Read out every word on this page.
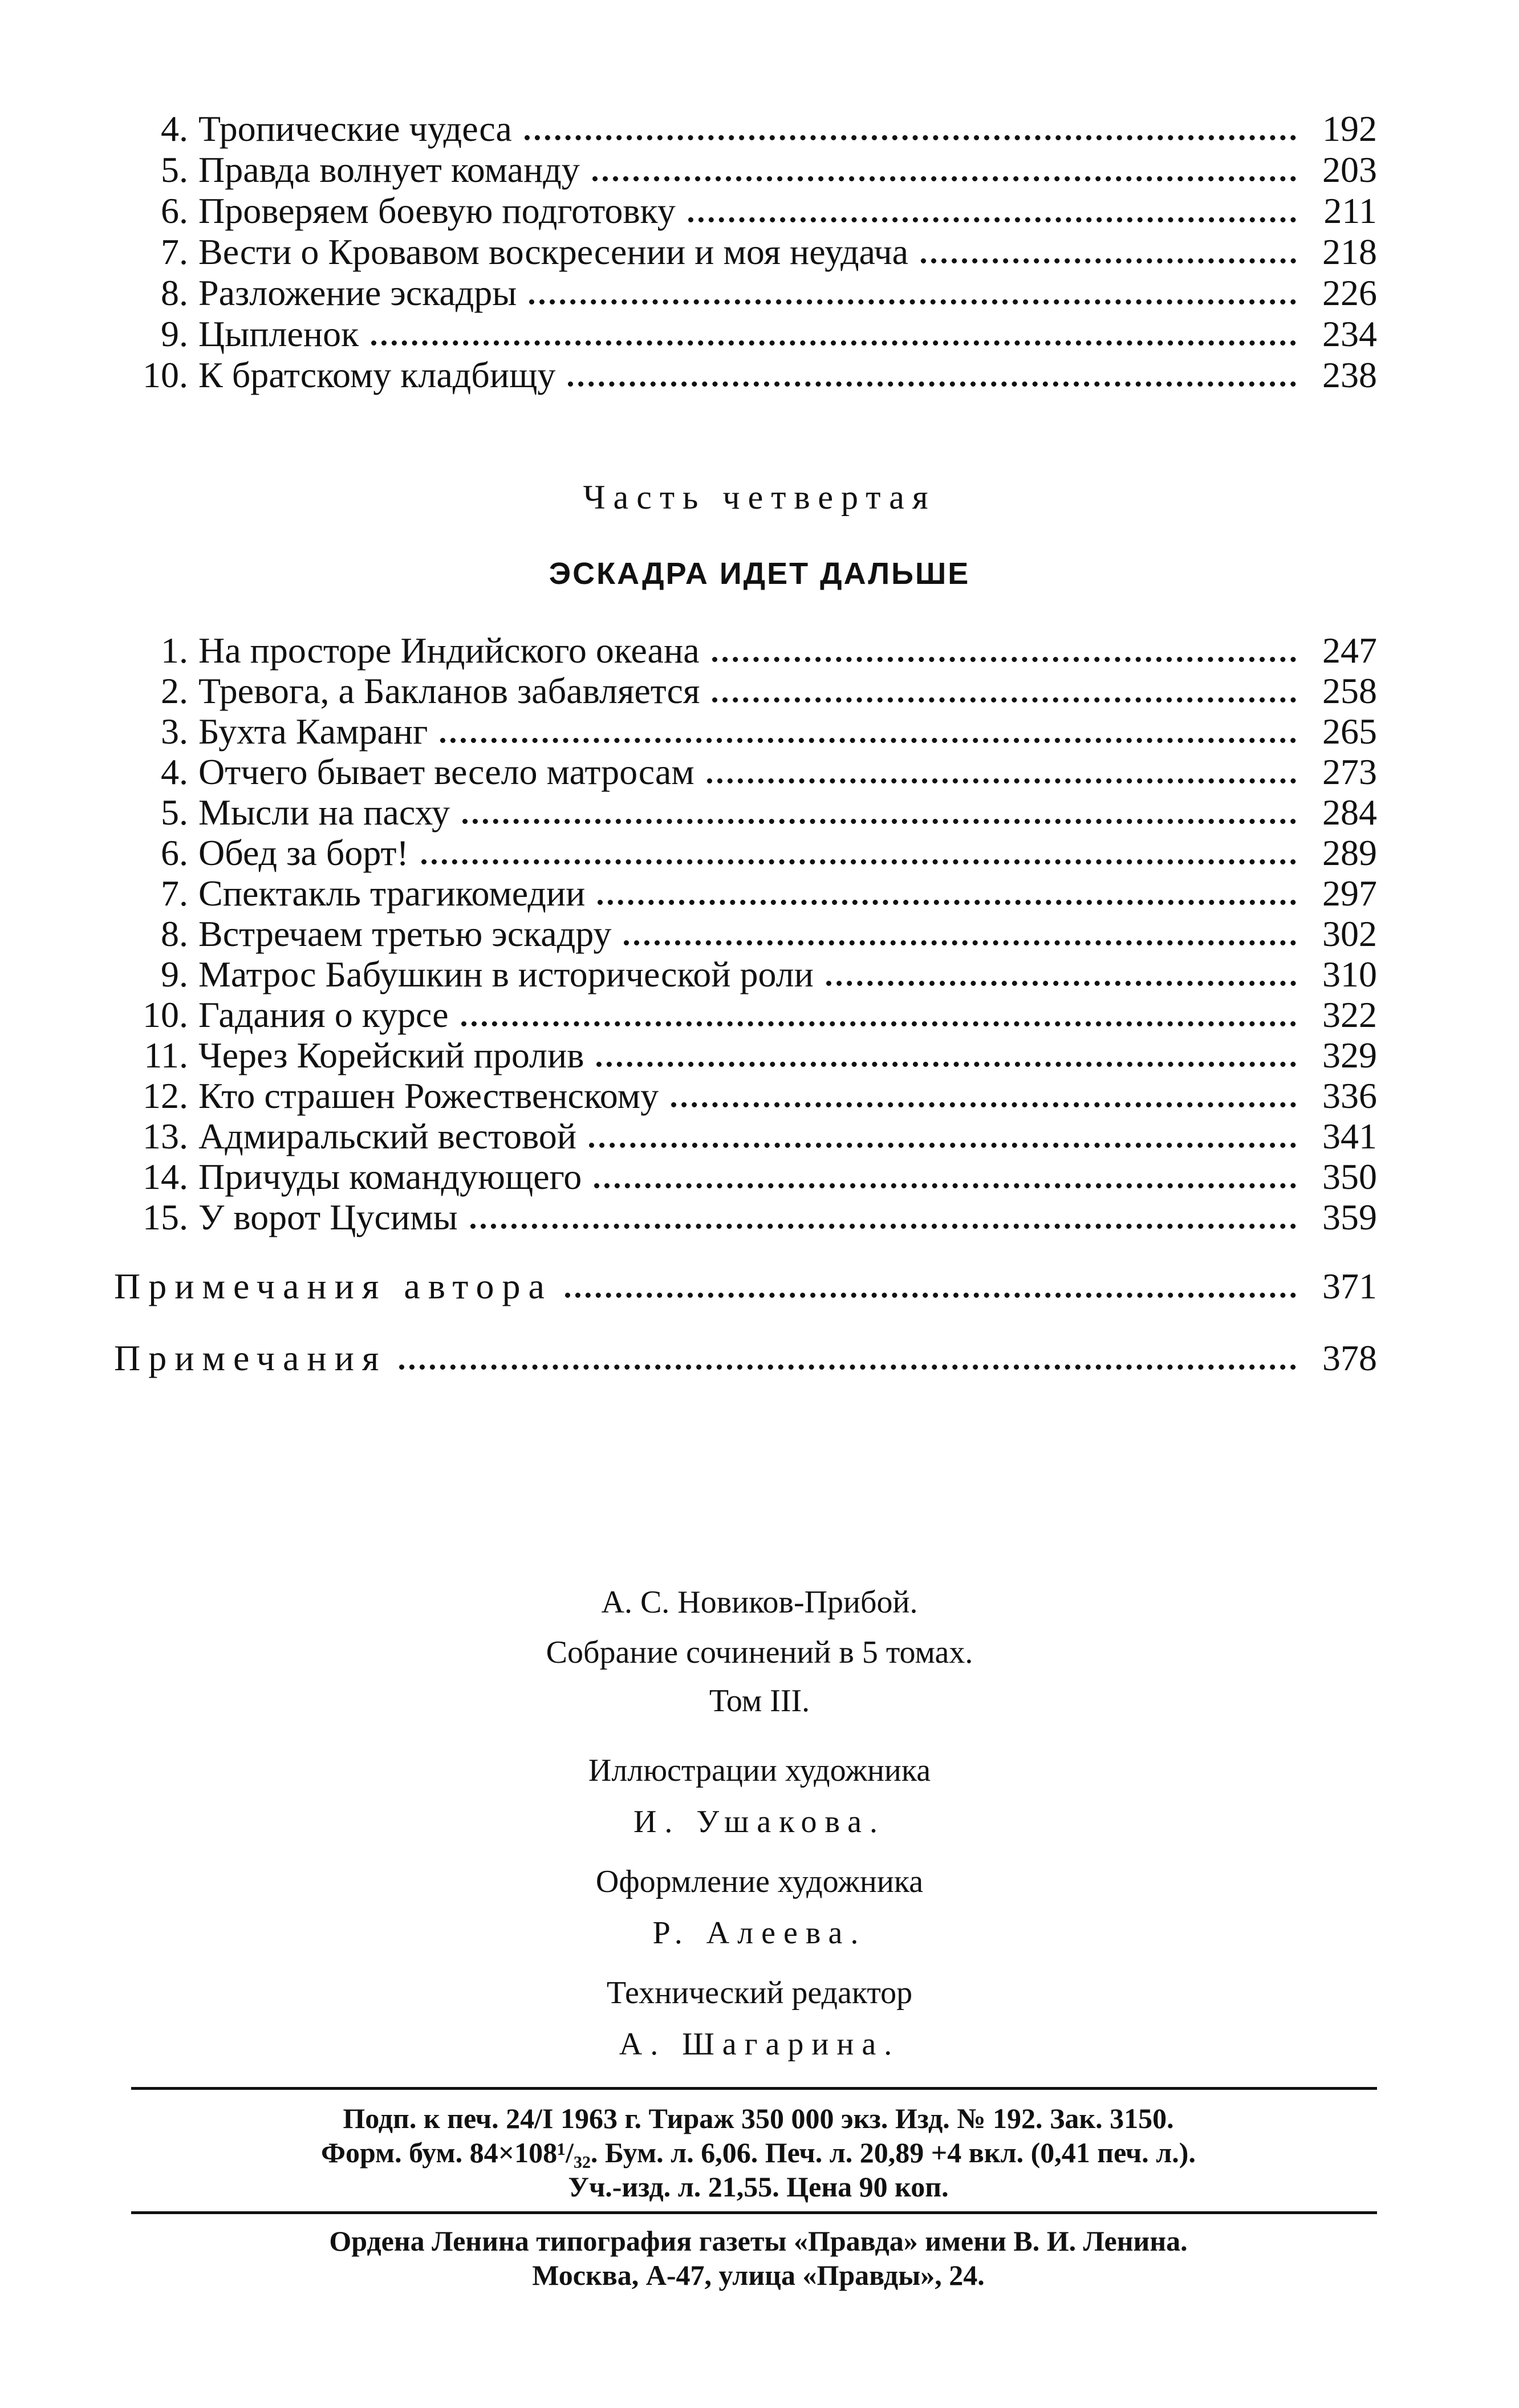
4. Тропические чудеса	192
5. Правда волнует команду	203
6. Проверяем боевую подготовку	211
7. Вести о Кровавом воскресении и моя неудача	218
8. Разложение эскадры	226
9. Цыпленок	234
10. К братскому кладбищу	238
Часть четвертая
ЭСКАДРА ИДЕТ ДАЛЬШЕ
1. На просторе Индийского океана	247
2. Тревога, а Бакланов забавляется	258
3. Бухта Камранг	265
4. Отчего бывает весело матросам	273
5. Мысли на пасху	284
6. Обед за борт!	289
7. Спектакль трагикомедии	297
8. Встречаем третью эскадру	302
9. Матрос Бабушкин в исторической роли	310
10. Гадания о курсе	322
11. Через Корейский пролив	329
12. Кто страшен Рожественскому	336
13. Адмиральский вестовой	341
14. Причуды командующего	350
15. У ворот Цусимы	359
Примечания автора	371
Примечания	378
А. С. Новиков-Прибой.
Собрание сочинений в 5 томах.
Том III.
Иллюстрации художника
И. Ушакова.
Оформление художника
Р. Алеева.
Технический редактор
А. Шагарина.
Подп. к печ. 24/I 1963 г. Тираж 350 000 экз. Изд. № 192. Зак. 3150.
Форм. бум. 84×108¹/₃₂. Бум. л. 6,06. Печ. л. 20,89 +4 вкл. (0,41 печ. л.).
Уч.-изд. л. 21,55. Цена 90 коп.
Ордена Ленина типография газеты «Правда» имени В. И. Ленина.
Москва, А-47, улица «Правды», 24.
